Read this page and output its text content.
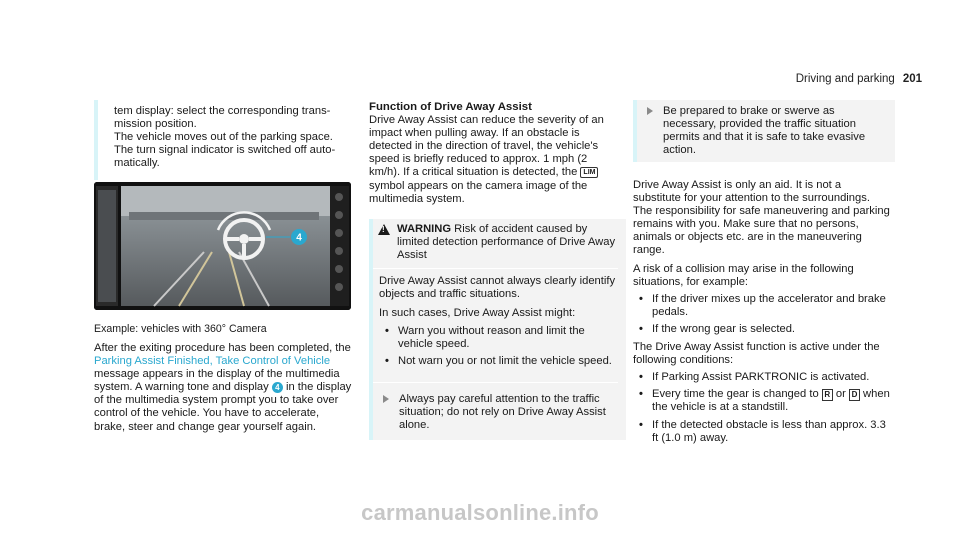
Driving and parking 201

tem display: select the corresponding trans-

mission position.

The vehicle moves out of the parking space.

The turn signal indicator is switched off auto-

matically.

4

Example: vehicles with 360° Camera

After the exiting procedure has been completed, the Parking Assist Finished, Take Control of Vehicle message appears in the display of the multimedia system. A warning tone and display 4 in the display of the multimedia system prompt you to take over control of the vehicle. You have to accelerate, brake, steer and change gear yourself again.

Function of Drive Away Assist

Drive Away Assist can reduce the severity of an impact when pulling away. If an obstacle is detected in the direction of travel, the vehicle's speed is briefly reduced to approx. 1 mph (2 km/h). If a critical situation is detected, the LIM symbol appears on the camera image of the multimedia system.

!
WARNING Risk of accident caused by limited detection performance of Drive Away Assist

Drive Away Assist cannot always clearly identify objects and traffic situations.

In such cases, Drive Away Assist might:

• Warn you without reason and limit the vehicle speed.
• Not warn you or not limit the vehicle speed.
Always pay careful attention to the traffic situation; do not rely on Drive Away Assist alone.
Be prepared to brake or swerve as necessary, provided the traffic situation permits and that it is safe to take evasive action.

Drive Away Assist is only an aid. It is not a substitute for your attention to the surroundings. The responsibility for safe maneuvering and parking remains with you. Make sure that no persons, animals or objects etc. are in the maneuvering range.

A risk of a collision may arise in the following situations, for example:

• If the driver mixes up the accelerator and brake pedals.
• If the wrong gear is selected.

The Drive Away Assist function is active under the following conditions:

• If Parking Assist PARKTRONIC is activated.
• Every time the gear is changed to R or D when the vehicle is at a standstill.
• If the detected obstacle is less than approx. 3.3 ft (1.0 m) away.
carmanualsonline.info
